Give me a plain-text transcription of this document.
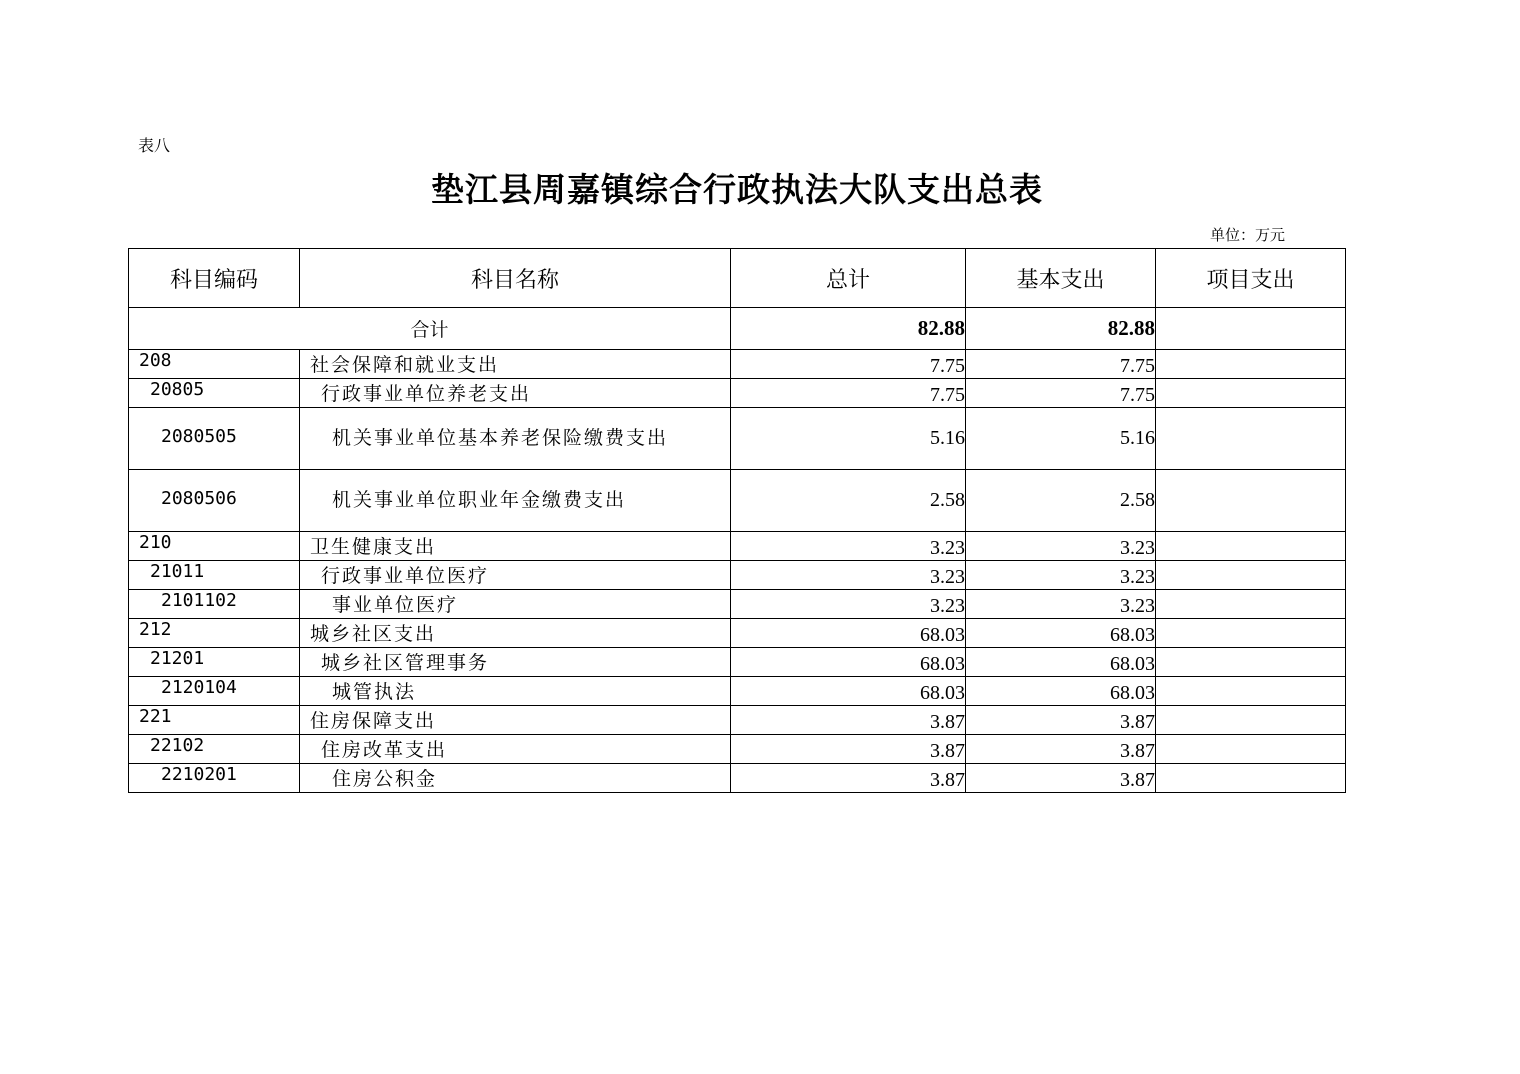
表八
垫江县周嘉镇综合行政执法大队支出总表
单位：万元
科目编码	科目名称	总计	基本支出	项目支出
合计		82.88	82.88	
208	社会保障和就业支出	7.75	7.75	
20805	行政事业单位养老支出	7.75	7.75	
2080505	机关事业单位基本养老保险缴费支出	5.16	5.16	
2080506	机关事业单位职业年金缴费支出	2.58	2.58	
210	卫生健康支出	3.23	3.23	
21011	行政事业单位医疗	3.23	3.23	
2101102	事业单位医疗	3.23	3.23	
212	城乡社区支出	68.03	68.03	
21201	城乡社区管理事务	68.03	68.03	
2120104	城管执法	68.03	68.03	
221	住房保障支出	3.87	3.87	
22102	住房改革支出	3.87	3.87	
2210201	住房公积金	3.87	3.87	
